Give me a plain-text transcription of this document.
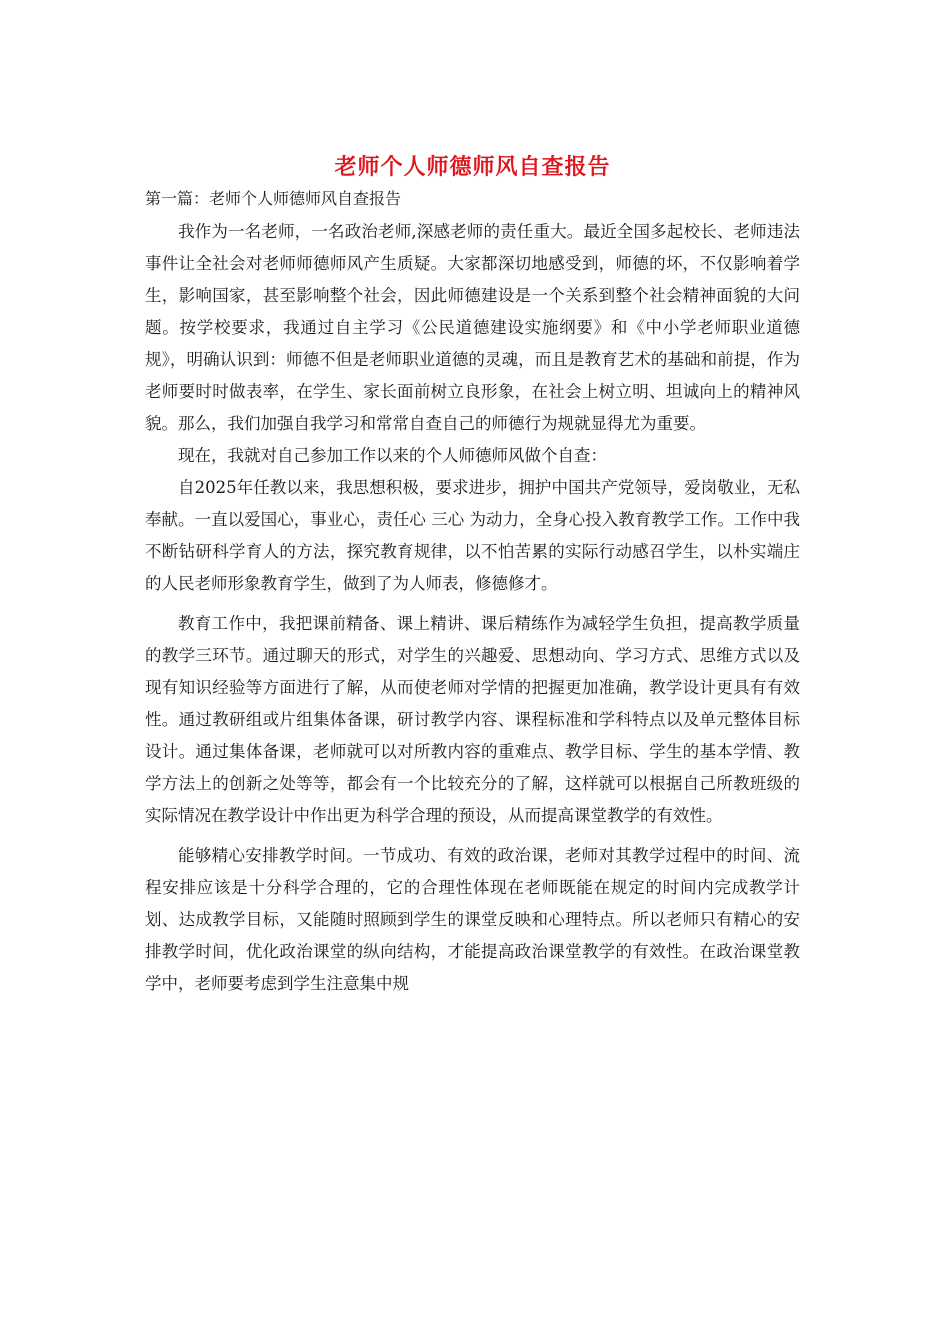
老师个人师德师风自查报告

第一篇：老师个人师德师风自查报告

我作为一名老师，一名政治老师,深感老师的责任重大。最近全国多起校长、老师违法事件让全社会对老师师德师风产生质疑。大家都深切地感受到，师德的坏，不仅影响着学生，影响国家，甚至影响整个社会，因此师德建设是一个关系到整个社会精神面貌的大问题。按学校要求，我通过自主学习《公民道德建设实施纲要》和《中小学老师职业道德规》，明确认识到：师德不但是老师职业道德的灵魂，而且是教育艺术的基础和前提，作为老师要时时做表率，在学生、家长面前树立良形象，在社会上树立明、坦诚向上的精神风貌。那么，我们加强自我学习和常常自查自己的师德行为规就显得尤为重要。

现在，我就对自己参加工作以来的个人师德师风做个自查：

自2025年任教以来，我思想积极，要求进步，拥护中国共产党领导，爱岗敬业，无私奉献。一直以爱国心，事业心，责任心 三心 为动力，全身心投入教育教学工作。工作中我不断钻研科学育人的方法，探究教育规律，以不怕苦累的实际行动感召学生，以朴实端庄的人民老师形象教育学生，做到了为人师表，修德修才。

教育工作中，我把课前精备、课上精讲、课后精练作为减轻学生负担，提高教学质量的教学三环节。通过聊天的形式，对学生的兴趣爱、思想动向、学习方式、思维方式以及现有知识经验等方面进行了解，从而使老师对学情的把握更加准确，教学设计更具有有效性。通过教研组或片组集体备课，研讨教学内容、课程标准和学科特点以及单元整体目标设计。通过集体备课，老师就可以对所教内容的重难点、教学目标、学生的基本学情、教学方法上的创新之处等等，都会有一个比较充分的了解，这样就可以根据自己所教班级的实际情况在教学设计中作出更为科学合理的预设，从而提高课堂教学的有效性。

能够精心安排教学时间。一节成功、有效的政治课，老师对其教学过程中的时间、流程安排应该是十分科学合理的，它的合理性体现在老师既能在规定的时间内完成教学计划、达成教学目标，又能随时照顾到学生的课堂反映和心理特点。所以老师只有精心的安排教学时间，优化政治课堂的纵向结构，才能提高政治课堂教学的有效性。在政治课堂教学中，老师要考虑到学生注意集中规
